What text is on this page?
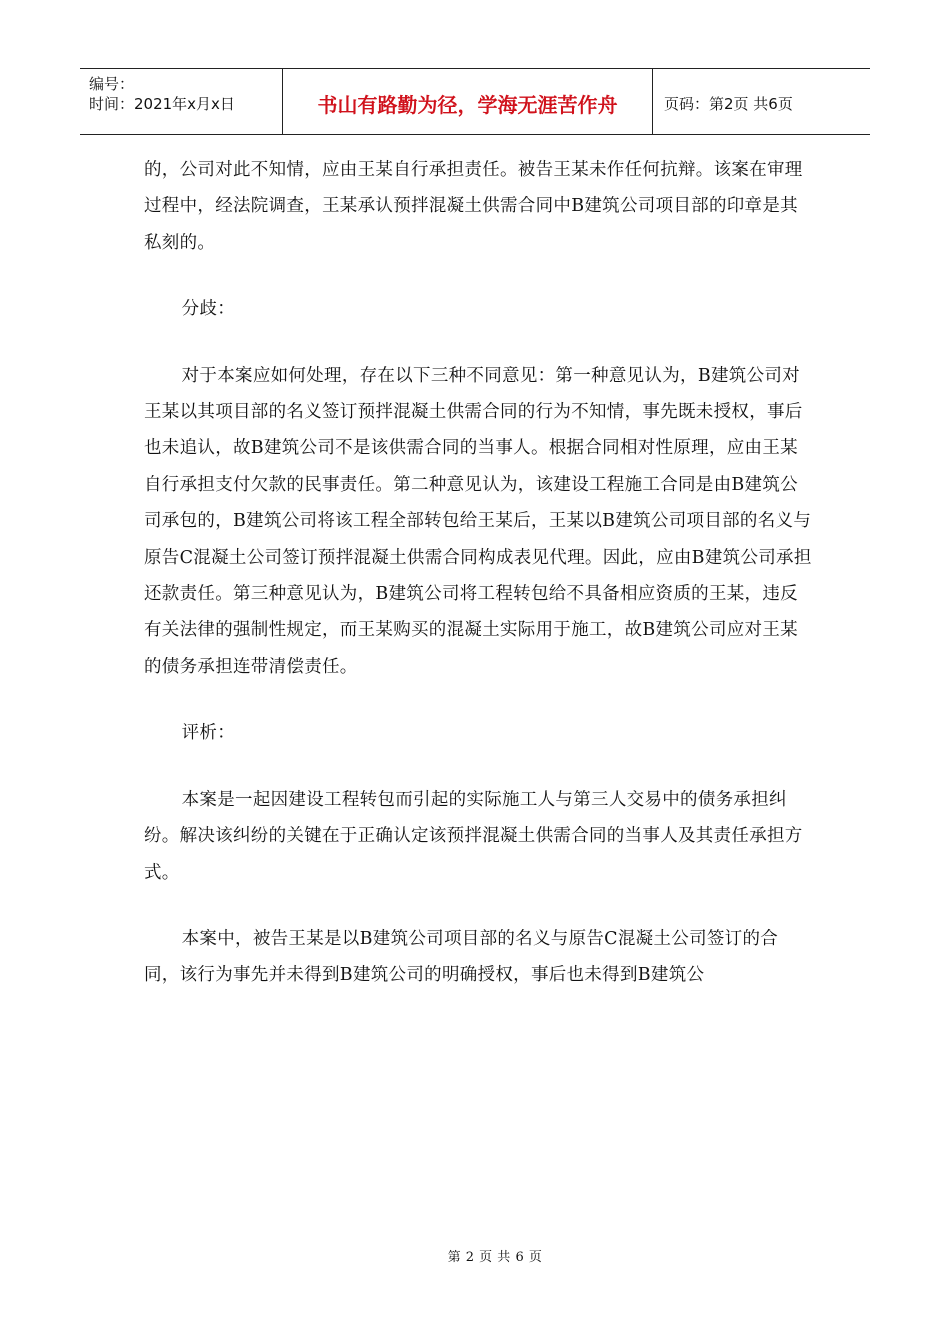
编号：
时间：2021年x月x日	书山有路勤为径，学海无涯苦作舟	页码：第2页 共6页

的，公司对此不知情，应由王某自行承担责任。被告王某未作任何抗辩。该案在审理过程中，经法院调查，王某承认预拌混凝土供需合同中B建筑公司项目部的印章是其私刻的。

分歧：

对于本案应如何处理，存在以下三种不同意见：第一种意见认为，B建筑公司对王某以其项目部的名义签订预拌混凝土供需合同的行为不知情，事先既未授权，事后也未追认，故B建筑公司不是该供需合同的当事人。根据合同相对性原理，应由王某自行承担支付欠款的民事责任。第二种意见认为，该建设工程施工合同是由B建筑公司承包的，B建筑公司将该工程全部转包给王某后，王某以B建筑公司项目部的名义与原告C混凝土公司签订预拌混凝土供需合同构成表见代理。因此，应由B建筑公司承担还款责任。第三种意见认为，B建筑公司将工程转包给不具备相应资质的王某，违反有关法律的强制性规定，而王某购买的混凝土实际用于施工，故B建筑公司应对王某的债务承担连带清偿责任。

评析：

本案是一起因建设工程转包而引起的实际施工人与第三人交易中的债务承担纠纷。解决该纠纷的关键在于正确认定该预拌混凝土供需合同的当事人及其责任承担方式。

本案中，被告王某是以B建筑公司项目部的名义与原告C混凝土公司签订的合同，该行为事先并未得到B建筑公司的明确授权，事后也未得到B建筑公

第 2 页 共 6 页
